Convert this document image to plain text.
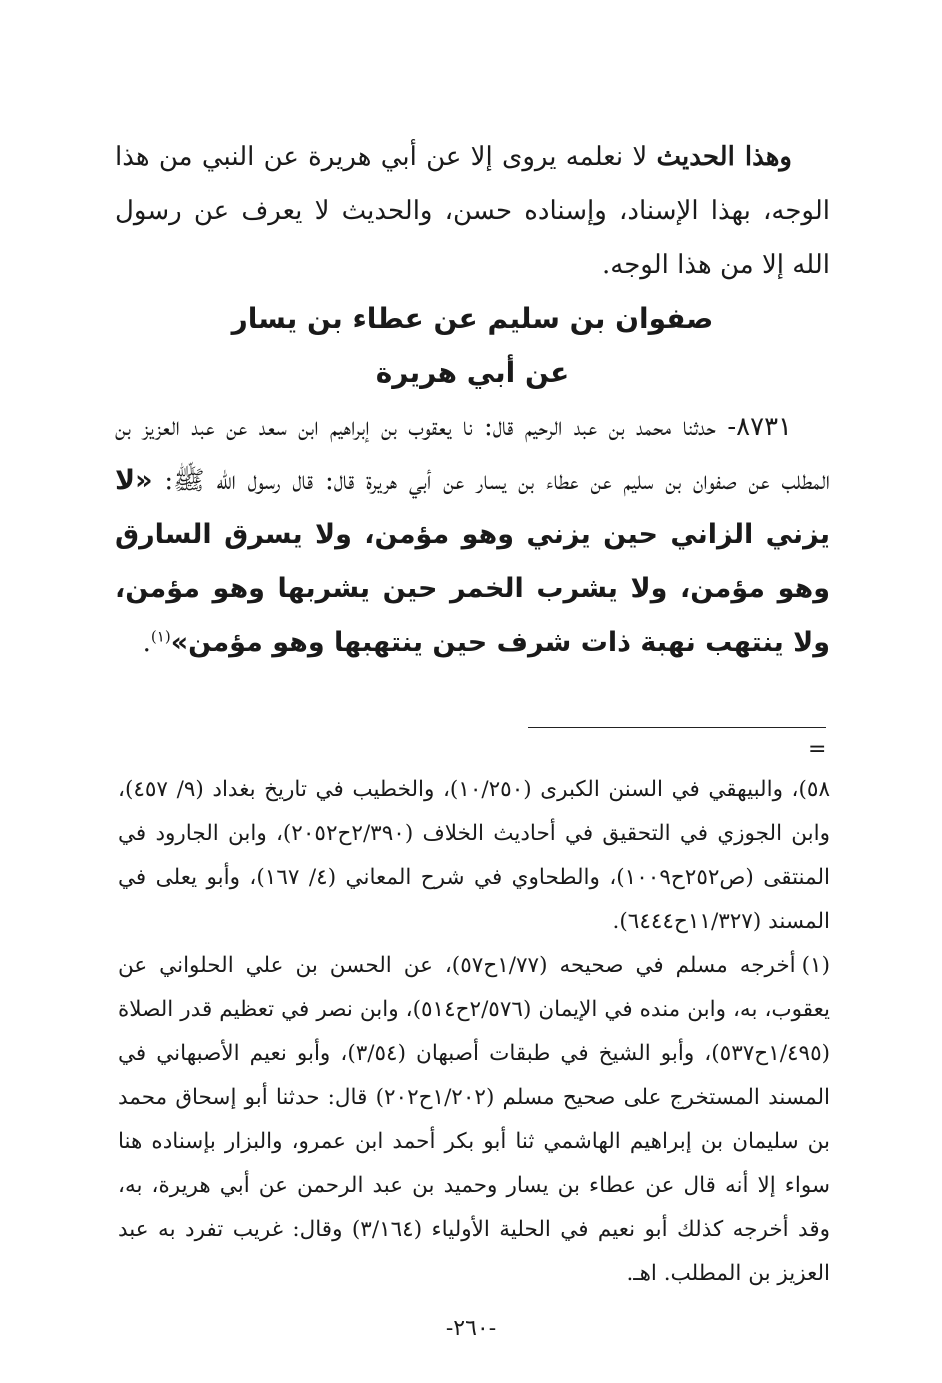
وهذا الحديث لا نعلمه يروى إلا عن أبي هريرة عن النبي من هذا الوجه، بهذا الإسناد، وإسناده حسن، والحديث لا يعرف عن رسول الله إلا من هذا الوجه.

صفوان بن سليم عن عطاء بن يسار

عن أبي هريرة

٨٧٣١- حدثنا محمد بن عبد الرحيم قال: نا يعقوب بن إبراهيم ابن سعد عن عبد العزيز بن المطلب عن صفوان بن سليم عن عطاء بن يسار عن أبي هريرة قال: قال رسول الله ﷺ: «لا يزني الزاني حين يزني وهو مؤمن، ولا يسرق السارق وهو مؤمن، ولا يشرب الخمر حين يشربها وهو مؤمن، ولا ينتهب نهبة ذات شرف حين ينتهبها وهو مؤمن»$^{(١)}$.

=

٥٨)، والبيهقي في السنن الكبرى (١٠/٢٥٠)، والخطيب في تاريخ بغداد (٩/ ٤٥٧)، وابن الجوزي في التحقيق في أحاديث الخلاف (٢/٣٩٠ح٢٠٥٢)، وابن الجارود في المنتقى (ص٢٥٢ح١٠٠٩)، والطحاوي في شرح المعاني (٤/ ١٦٧)، وأبو يعلى في المسند (١١/٣٢٧ح٦٤٤٤).

(١)أخرجه مسلم في صحيحه (١/٧٧ح٥٧)، عن الحسن بن علي الحلواني عن يعقوب، به، وابن منده في الإيمان (٢/٥٧٦ح٥١٤)، وابن نصر في تعظيم قدر الصلاة (١/٤٩٥ح٥٣٧)، وأبو الشيخ في طبقات أصبهان (٣/٥٤)، وأبو نعيم الأصبهاني في المسند المستخرج على صحيح مسلم (١/٢٠٢ح٢٠٢) قال: حدثنا أبو إسحاق محمد بن سليمان بن إبراهيم الهاشمي ثنا أبو بكر أحمد ابن عمرو، والبزار بإسناده هنا سواء إلا أنه قال عن عطاء بن يسار وحميد بن عبد الرحمن عن أبي هريرة، به، وقد أخرجه كذلك أبو نعيم في الحلية الأولياء (٣/١٦٤) وقال: غريب تفرد به عبد العزيز بن المطلب. اهـ.

-٢٦٠-
